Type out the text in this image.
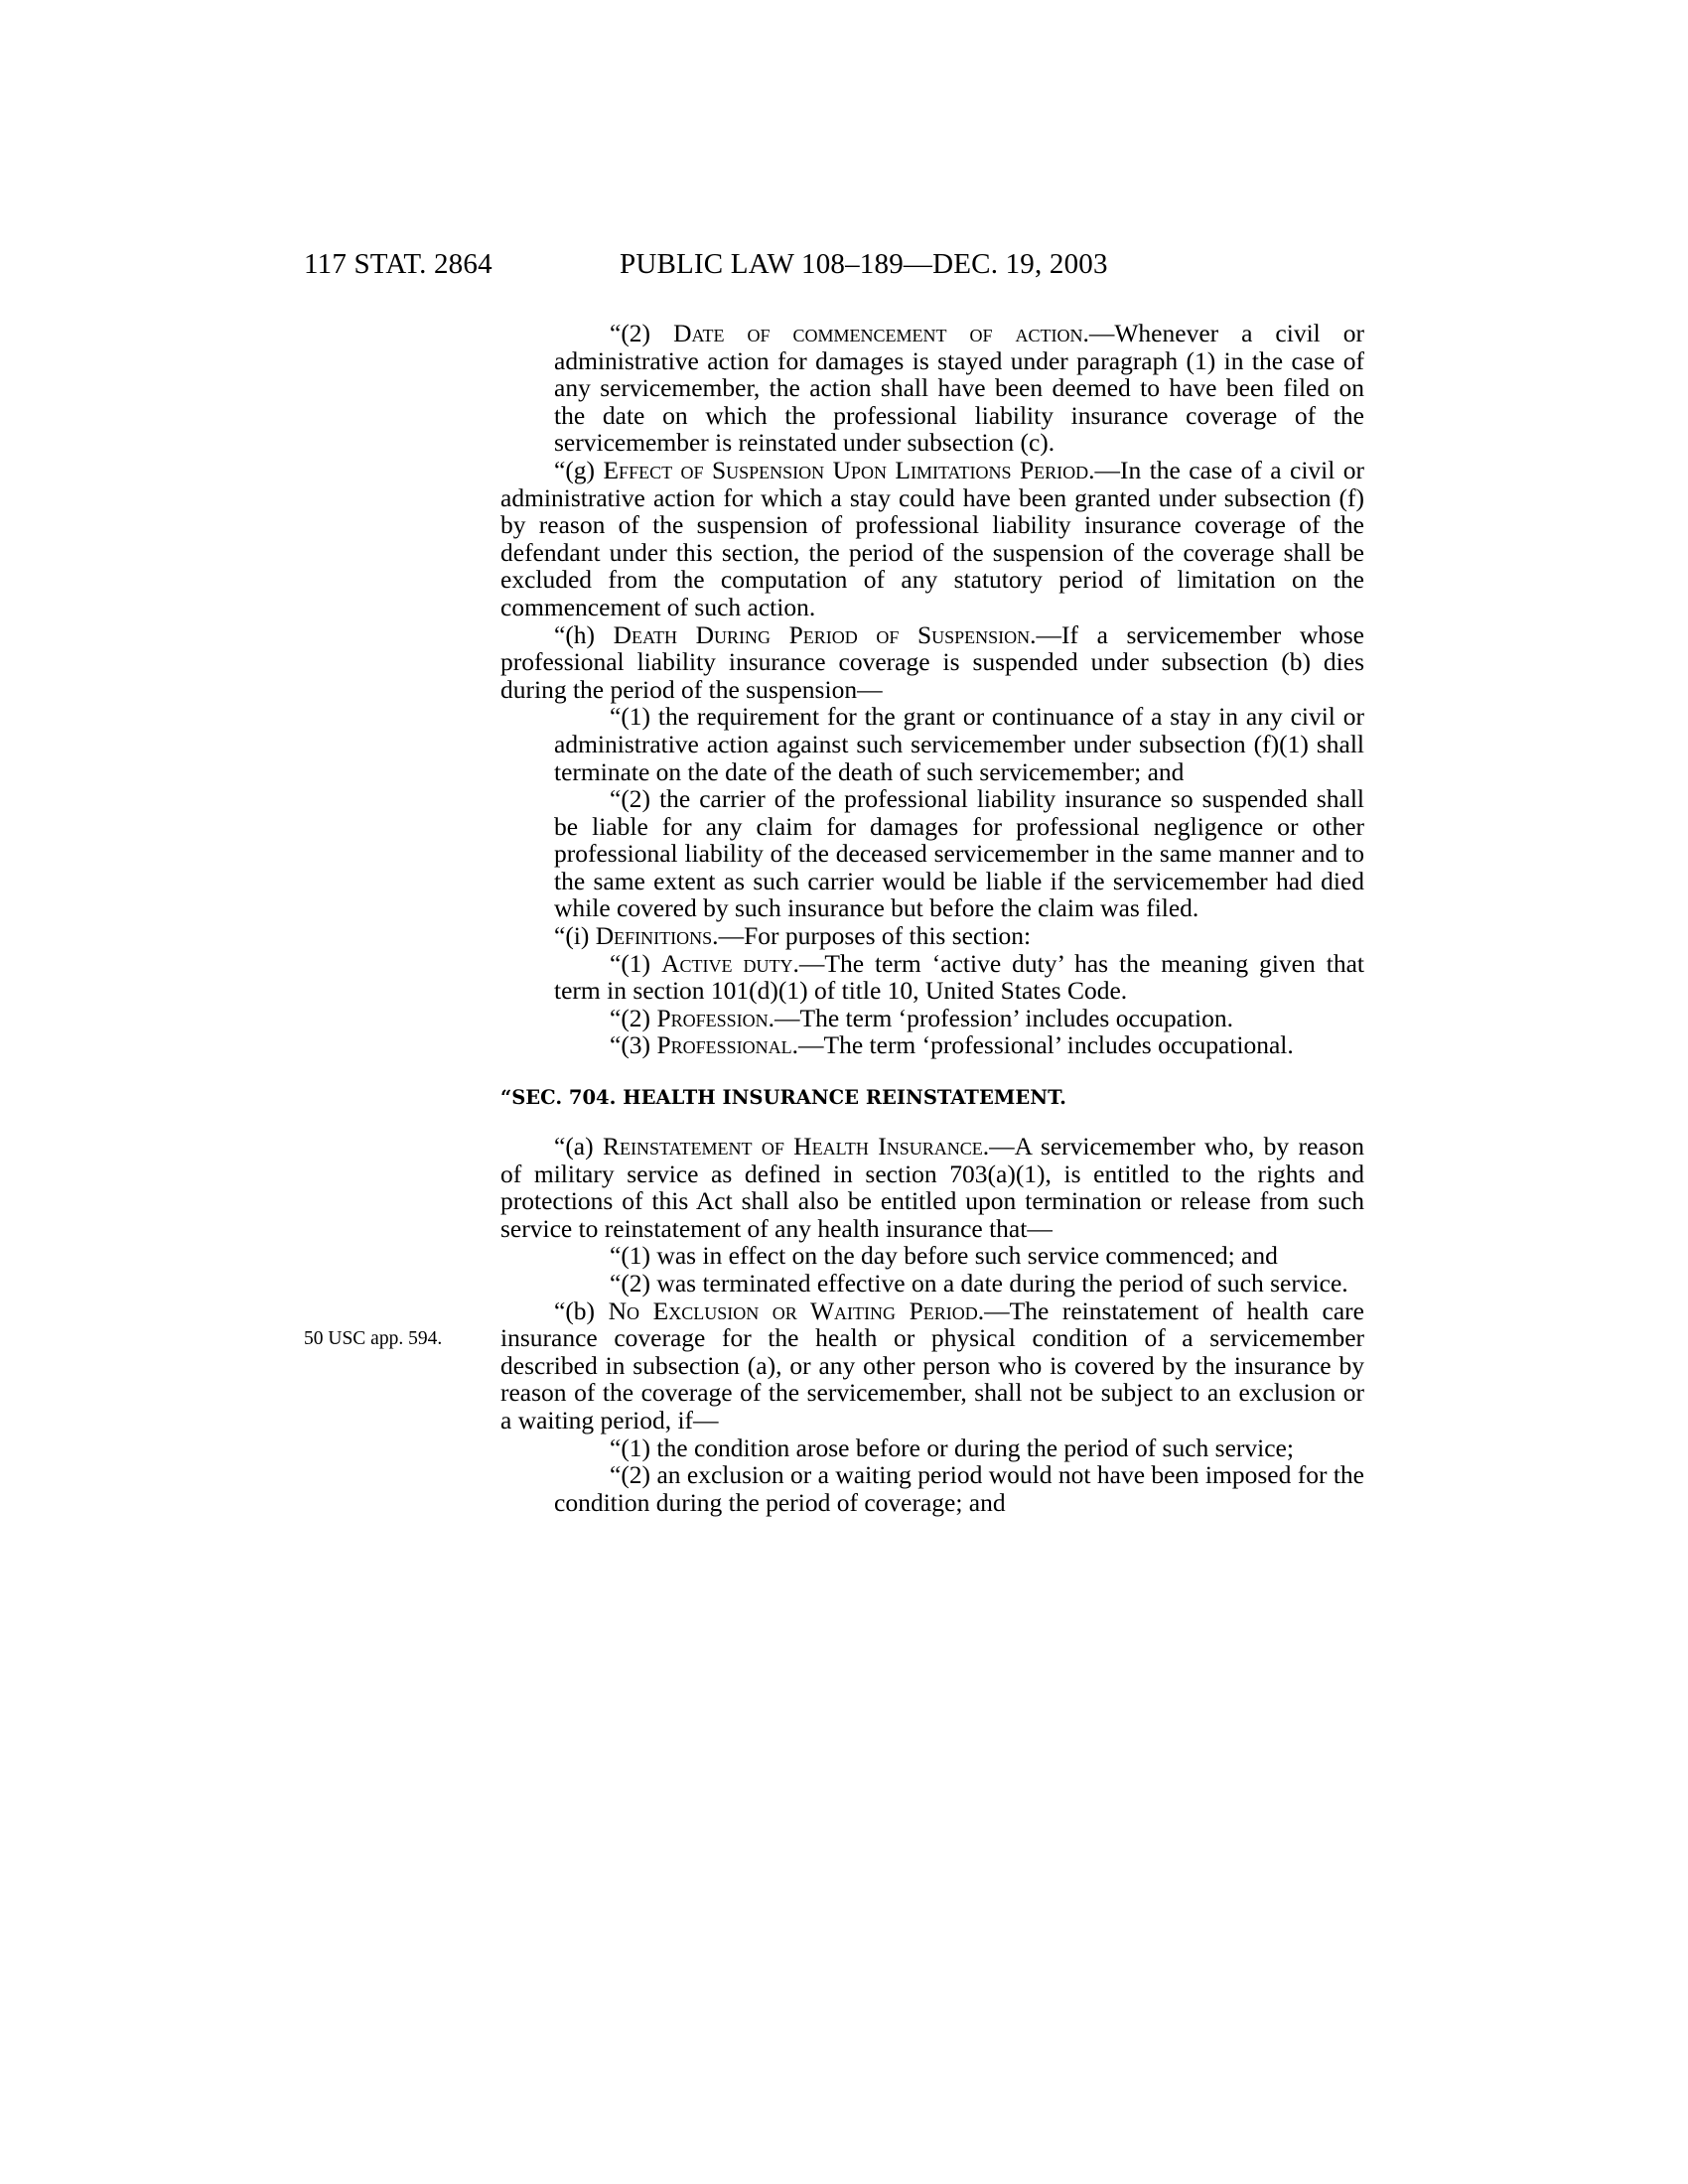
117 STAT. 2864	PUBLIC LAW 108–189—DEC. 19, 2003
50 USC app. 594.

“(2) Date of commencement of action.—Whenever a civil or administrative action for damages is stayed under paragraph (1) in the case of any servicemember, the action shall have been deemed to have been filed on the date on which the professional liability insurance coverage of the servicemember is reinstated under subsection (c).

“(g) Effect of Suspension Upon Limitations Period.—In the case of a civil or administrative action for which a stay could have been granted under subsection (f) by reason of the suspension of professional liability insurance coverage of the defendant under this section, the period of the suspension of the coverage shall be excluded from the computation of any statutory period of limitation on the commencement of such action.

“(h) Death During Period of Suspension.—If a servicemember whose professional liability insurance coverage is suspended under subsection (b) dies during the period of the suspension—

“(1) the requirement for the grant or continuance of a stay in any civil or administrative action against such servicemember under subsection (f)(1) shall terminate on the date of the death of such servicemember; and

“(2) the carrier of the professional liability insurance so suspended shall be liable for any claim for damages for professional negligence or other professional liability of the deceased servicemember in the same manner and to the same extent as such carrier would be liable if the servicemember had died while covered by such insurance but before the claim was filed.

“(i) Definitions.—For purposes of this section:

“(1) Active duty.—The term ‘active duty’ has the meaning given that term in section 101(d)(1) of title 10, United States Code.

“(2) Profession.—The term ‘profession’ includes occupation.

“(3) Professional.—The term ‘professional’ includes occupational.

“SEC. 704. HEALTH INSURANCE REINSTATEMENT.

“(a) Reinstatement of Health Insurance.—A servicemember who, by reason of military service as defined in section 703(a)(1), is entitled to the rights and protections of this Act shall also be entitled upon termination or release from such service to reinstatement of any health insurance that—

“(1) was in effect on the day before such service commenced; and

“(2) was terminated effective on a date during the period of such service.

“(b) No Exclusion or Waiting Period.—The reinstatement of health care insurance coverage for the health or physical condition of a servicemember described in subsection (a), or any other person who is covered by the insurance by reason of the coverage of the servicemember, shall not be subject to an exclusion or a waiting period, if—

“(1) the condition arose before or during the period of such service;

“(2) an exclusion or a waiting period would not have been imposed for the condition during the period of coverage; and
